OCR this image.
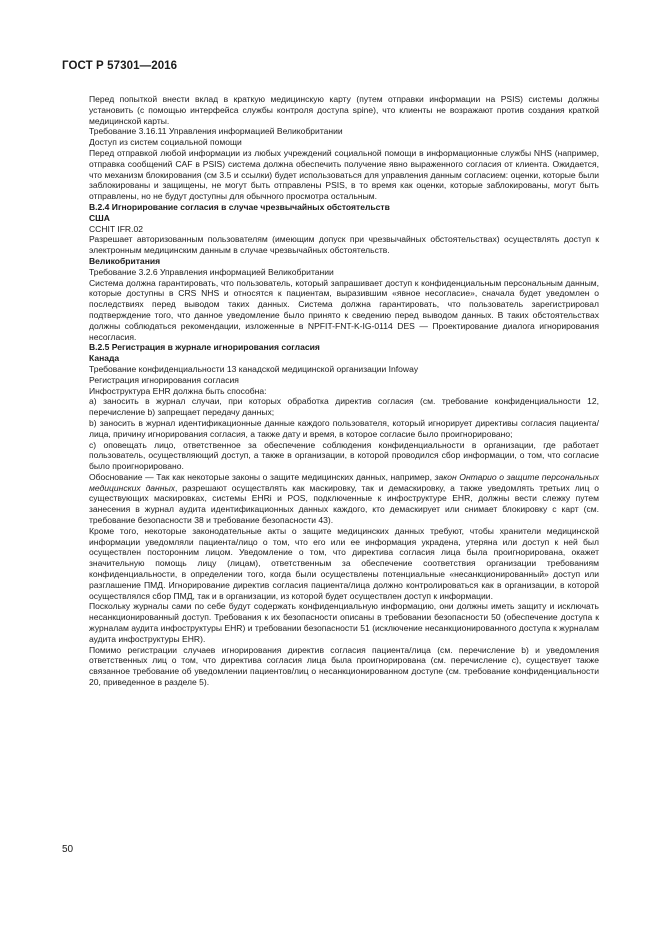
ГОСТ Р 57301—2016

Перед попыткой внести вклад в краткую медицинскую карту (путем отправки информации на PSIS) системы должны установить (с помощью интерфейса службы контроля доступа spine), что клиенты не возражают против создания краткой медицинской карты.

Требование 3.16.11 Управления информацией Великобритании

Доступ из систем социальной помощи

Перед отправкой любой информации из любых учреждений социальной помощи в информационные службы NHS (например, отправка сообщений CAF в PSIS) система должна обеспечить получение явно выраженного согласия от клиента. Ожидается, что механизм блокирования (см 3.5 и ссылки) будет использоваться для управления данным согласием: оценки, которые были заблокированы и защищены, не могут быть отправлены PSIS, в то время как оценки, которые заблокированы, могут быть отправлены, но не будут доступны для обычного просмотра остальным.

B.2.4 Игнорирование согласия в случае чрезвычайных обстоятельств

США

CCHIT IFR.02

Разрешает авторизованным пользователям (имеющим допуск при чрезвычайных обстоятельствах) осуществлять доступ к электронным медицинским данным в случае чрезвычайных обстоятельств.

Великобритания

Требование 3.2.6 Управления информацией Великобритании

Система должна гарантировать, что пользователь, который запрашивает доступ к конфиденциальным персональным данным, которые доступны в CRS NHS и относятся к пациентам, выразившим «явное несогласие», сначала будет уведомлен о последствиях перед выводом таких данных. Система должна гарантировать, что пользователь зарегистрировал подтверждение того, что данное уведомление было принято к сведению перед выводом данных. В таких обстоятельствах должны соблюдаться рекомендации, изложенные в NPFIT-FNT-K-IG-0114 DES — Проектирование диалога игнорирования несогласия.

B.2.5 Регистрация в журнале игнорирования согласия

Канада

Требование конфиденциальности 13 канадской медицинской организации Infoway

Регистрация игнорирования согласия

Инфоструктура EHR должна быть способна:

а) заносить в журнал случаи, при которых обработка директив согласия (см. требование конфиденциальности 12, перечисление b) запрещает передачу данных;

b) заносить в журнал идентификационные данные каждого пользователя, который игнорирует директивы согласия пациента/лица, причину игнорирования согласия, а также дату и время, в которое согласие было проигнорировано;

с) оповещать лицо, ответственное за обеспечение соблюдения конфиденциальности в организации, где работает пользователь, осуществляющий доступ, а также в организации, в которой проводился сбор информации, о том, что согласие было проигнорировано.

Обоснование — Так как некоторые законы о защите медицинских данных, например, закон Онтарио о защите персональных медицинских данных, разрешают осуществлять как маскировку, так и демаскировку, а также уведомлять третьих лиц о существующих маскировках, системы EHRi и POS, подключенные к инфоструктуре EHR, должны вести слежку путем занесения в журнал аудита идентификационных данных каждого, кто демаскирует или снимает блокировку с карт (см. требование безопасности 38 и требование безопасности 43).

Кроме того, некоторые законодательные акты о защите медицинских данных требуют, чтобы хранители медицинской информации уведомляли пациента/лицо о том, что его или ее информация украдена, утеряна или доступ к ней был осуществлен посторонним лицом. Уведомление о том, что директива согласия лица была проигнорирована, окажет значительную помощь лицу (лицам), ответственным за обеспечение соответствия организации требованиям конфиденциальности, в определении того, когда были осуществлены потенциальные «несанкционированный» доступ или разглашение ПМД. Игнорирование директив согласия пациента/лица должно контролироваться как в организации, в которой осуществлялся сбор ПМД, так и в организации, из которой будет осуществлен доступ к информации.

Поскольку журналы сами по себе будут содержать конфиденциальную информацию, они должны иметь защиту и исключать несанкционированный доступ. Требования к их безопасности описаны в требовании безопасности 50 (обеспечение доступа к журналам аудита инфоструктуры EHR) и требовании безопасности 51 (исключение несанкционированного доступа к журналам аудита инфоструктуры EHR).

Помимо регистрации случаев игнорирования директив согласия пациента/лица (см. перечисление b) и уведомления ответственных лиц о том, что директива согласия лица была проигнорирована (см. перечисление с), существует также связанное требование об уведомлении пациентов/лиц о несанкционированном доступе (см. требование конфиденциальности 20, приведенное в разделе 5).

50
